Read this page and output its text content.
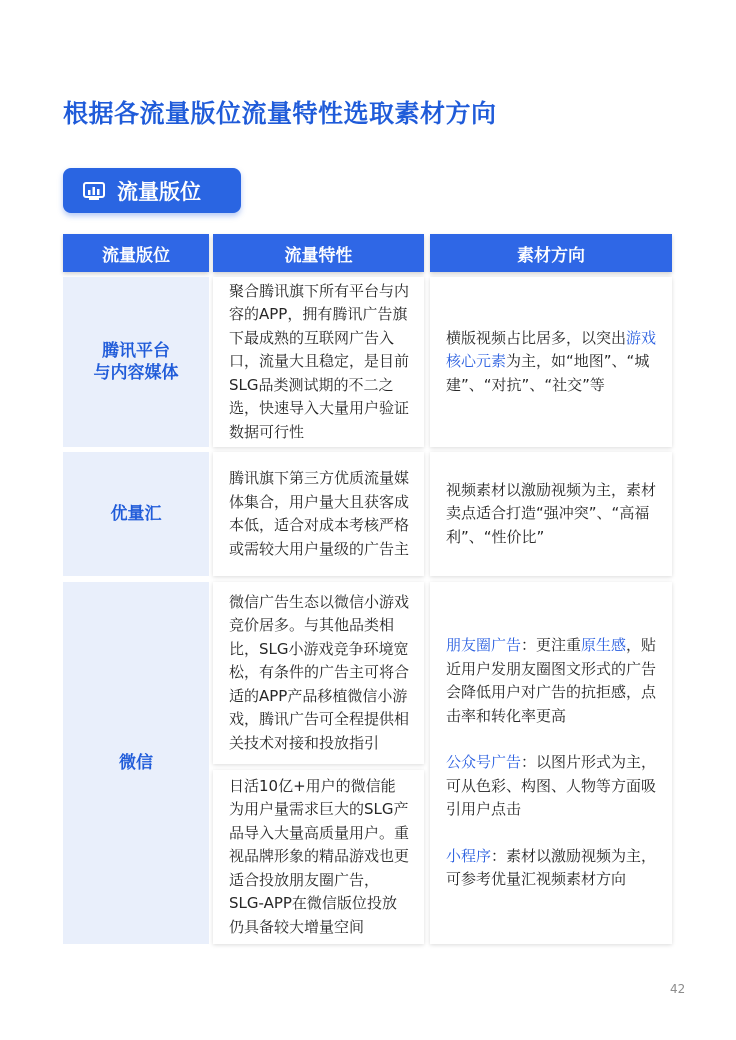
根据各流量版位流量特性选取素材方向
流量版位
流量版位	流量特性	素材方向
腾讯平台
与内容媒体
聚合腾讯旗下所有平台与内容的APP，拥有腾讯广告旗下最成熟的互联网广告入口，流量大且稳定，是目前SLG品类测试期的不二之选，快速导入大量用户验证数据可行性
横版视频占比居多，以突出游戏核心元素为主，如“地图”、“城建”、“对抗”、“社交”等
优量汇
腾讯旗下第三方优质流量媒体集合，用户量大且获客成本低，适合对成本考核严格或需较大用户量级的广告主
视频素材以激励视频为主，素材卖点适合打造“强冲突”、“高福利”、“性价比”
微信
微信广告生态以微信小游戏竞价居多。与其他品类相比，SLG小游戏竞争环境宽松，有条件的广告主可将合适的APP产品移植微信小游戏，腾讯广告可全程提供相关技术对接和投放指引
日活10亿+用户的微信能为用户量需求巨大的SLG产品导入大量高质量用户。重视品牌形象的精品游戏也更适合投放朋友圈广告，SLG-APP在微信版位投放仍具备较大增量空间
朋友圈广告：更注重原生感，贴近用户发朋友圈图文形式的广告会降低用户对广告的抗拒感，点击率和转化率更高
公众号广告：以图片形式为主，可从色彩、构图、人物等方面吸引用户点击
小程序：素材以激励视频为主，可参考优量汇视频素材方向
42
